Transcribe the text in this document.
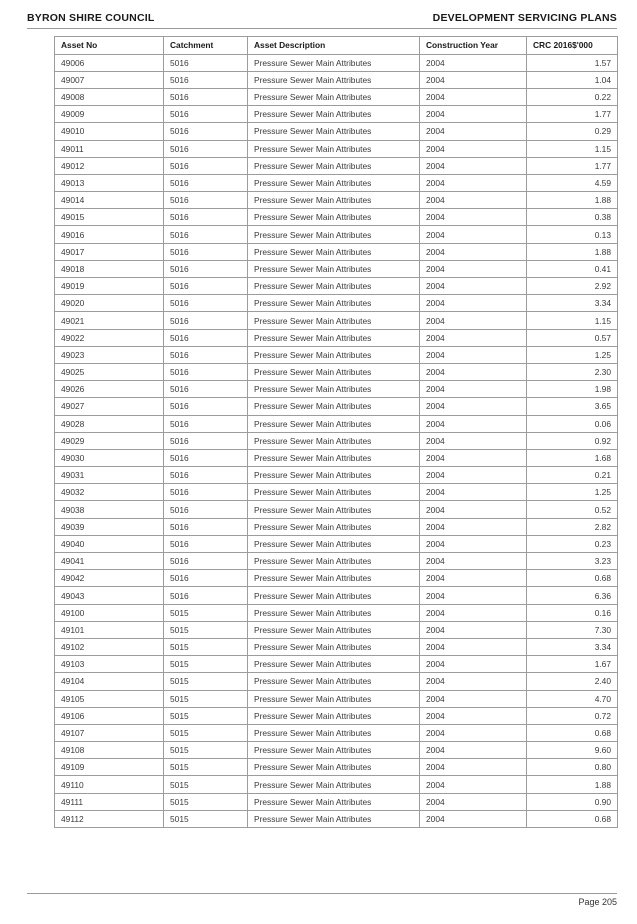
BYRON SHIRE COUNCIL	DEVELOPMENT SERVICING PLANS
Asset No	Catchment	Asset Description	Construction Year	CRC 2016$'000
49006	5016	Pressure Sewer Main Attributes	2004	1.57
49007	5016	Pressure Sewer Main Attributes	2004	1.04
49008	5016	Pressure Sewer Main Attributes	2004	0.22
49009	5016	Pressure Sewer Main Attributes	2004	1.77
49010	5016	Pressure Sewer Main Attributes	2004	0.29
49011	5016	Pressure Sewer Main Attributes	2004	1.15
49012	5016	Pressure Sewer Main Attributes	2004	1.77
49013	5016	Pressure Sewer Main Attributes	2004	4.59
49014	5016	Pressure Sewer Main Attributes	2004	1.88
49015	5016	Pressure Sewer Main Attributes	2004	0.38
49016	5016	Pressure Sewer Main Attributes	2004	0.13
49017	5016	Pressure Sewer Main Attributes	2004	1.88
49018	5016	Pressure Sewer Main Attributes	2004	0.41
49019	5016	Pressure Sewer Main Attributes	2004	2.92
49020	5016	Pressure Sewer Main Attributes	2004	3.34
49021	5016	Pressure Sewer Main Attributes	2004	1.15
49022	5016	Pressure Sewer Main Attributes	2004	0.57
49023	5016	Pressure Sewer Main Attributes	2004	1.25
49025	5016	Pressure Sewer Main Attributes	2004	2.30
49026	5016	Pressure Sewer Main Attributes	2004	1.98
49027	5016	Pressure Sewer Main Attributes	2004	3.65
49028	5016	Pressure Sewer Main Attributes	2004	0.06
49029	5016	Pressure Sewer Main Attributes	2004	0.92
49030	5016	Pressure Sewer Main Attributes	2004	1.68
49031	5016	Pressure Sewer Main Attributes	2004	0.21
49032	5016	Pressure Sewer Main Attributes	2004	1.25
49038	5016	Pressure Sewer Main Attributes	2004	0.52
49039	5016	Pressure Sewer Main Attributes	2004	2.82
49040	5016	Pressure Sewer Main Attributes	2004	0.23
49041	5016	Pressure Sewer Main Attributes	2004	3.23
49042	5016	Pressure Sewer Main Attributes	2004	0.68
49043	5016	Pressure Sewer Main Attributes	2004	6.36
49100	5015	Pressure Sewer Main Attributes	2004	0.16
49101	5015	Pressure Sewer Main Attributes	2004	7.30
49102	5015	Pressure Sewer Main Attributes	2004	3.34
49103	5015	Pressure Sewer Main Attributes	2004	1.67
49104	5015	Pressure Sewer Main Attributes	2004	2.40
49105	5015	Pressure Sewer Main Attributes	2004	4.70
49106	5015	Pressure Sewer Main Attributes	2004	0.72
49107	5015	Pressure Sewer Main Attributes	2004	0.68
49108	5015	Pressure Sewer Main Attributes	2004	9.60
49109	5015	Pressure Sewer Main Attributes	2004	0.80
49110	5015	Pressure Sewer Main Attributes	2004	1.88
49111	5015	Pressure Sewer Main Attributes	2004	0.90
49112	5015	Pressure Sewer Main Attributes	2004	0.68
Page 205
